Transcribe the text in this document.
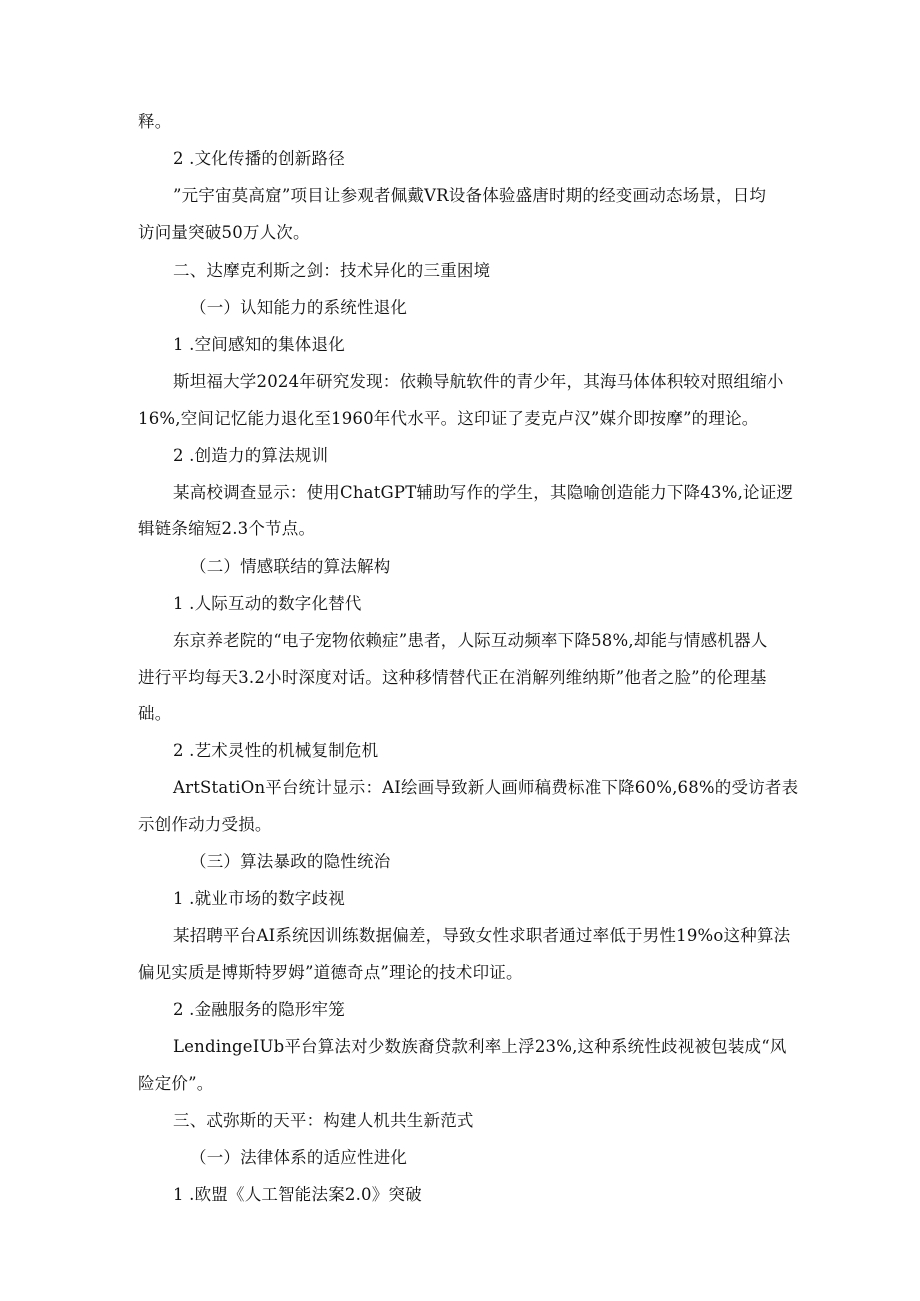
释。
2 .文化传播的创新路径
”元宇宙莫高窟”项目让参观者佩戴VR设备体验盛唐时期的经变画动态场景，日均
访问量突破50万人次。
二、达摩克利斯之剑：技术异化的三重困境
（一）认知能力的系统性退化
1 .空间感知的集体退化
斯坦福大学2024年研究发现：依赖导航软件的青少年，其海马体体积较对照组缩小
16%,空间记忆能力退化至1960年代水平。这印证了麦克卢汉”媒介即按摩”的理论。
2 .创造力的算法规训
某高校调查显示：使用ChatGPT辅助写作的学生，其隐喻创造能力下降43%,论证逻
辑链条缩短2.3个节点。
（二）情感联结的算法解构
1 .人际互动的数字化替代
东京养老院的“电子宠物依赖症”患者，人际互动频率下降58%,却能与情感机器人
进行平均每天3.2小时深度对话。这种移情替代正在消解列维纳斯”他者之脸”的伦理基
础。
2 .艺术灵性的机械复制危机
ArtStatiOn平台统计显示：AI绘画导致新人画师稿费标准下降60%,68%的受访者表
示创作动力受损。
（三）算法暴政的隐性统治
1 .就业市场的数字歧视
某招聘平台AI系统因训练数据偏差，导致女性求职者通过率低于男性19%o这种算法
偏见实质是博斯特罗姆”道德奇点”理论的技术印证。
2 .金融服务的隐形牢笼
LendingeIUb平台算法对少数族裔贷款利率上浮23%,这种系统性歧视被包装成“风
险定价”。
三、忒弥斯的天平：构建人机共生新范式
（一）法律体系的适应性进化
1 .欧盟《人工智能法案2.0》突破
